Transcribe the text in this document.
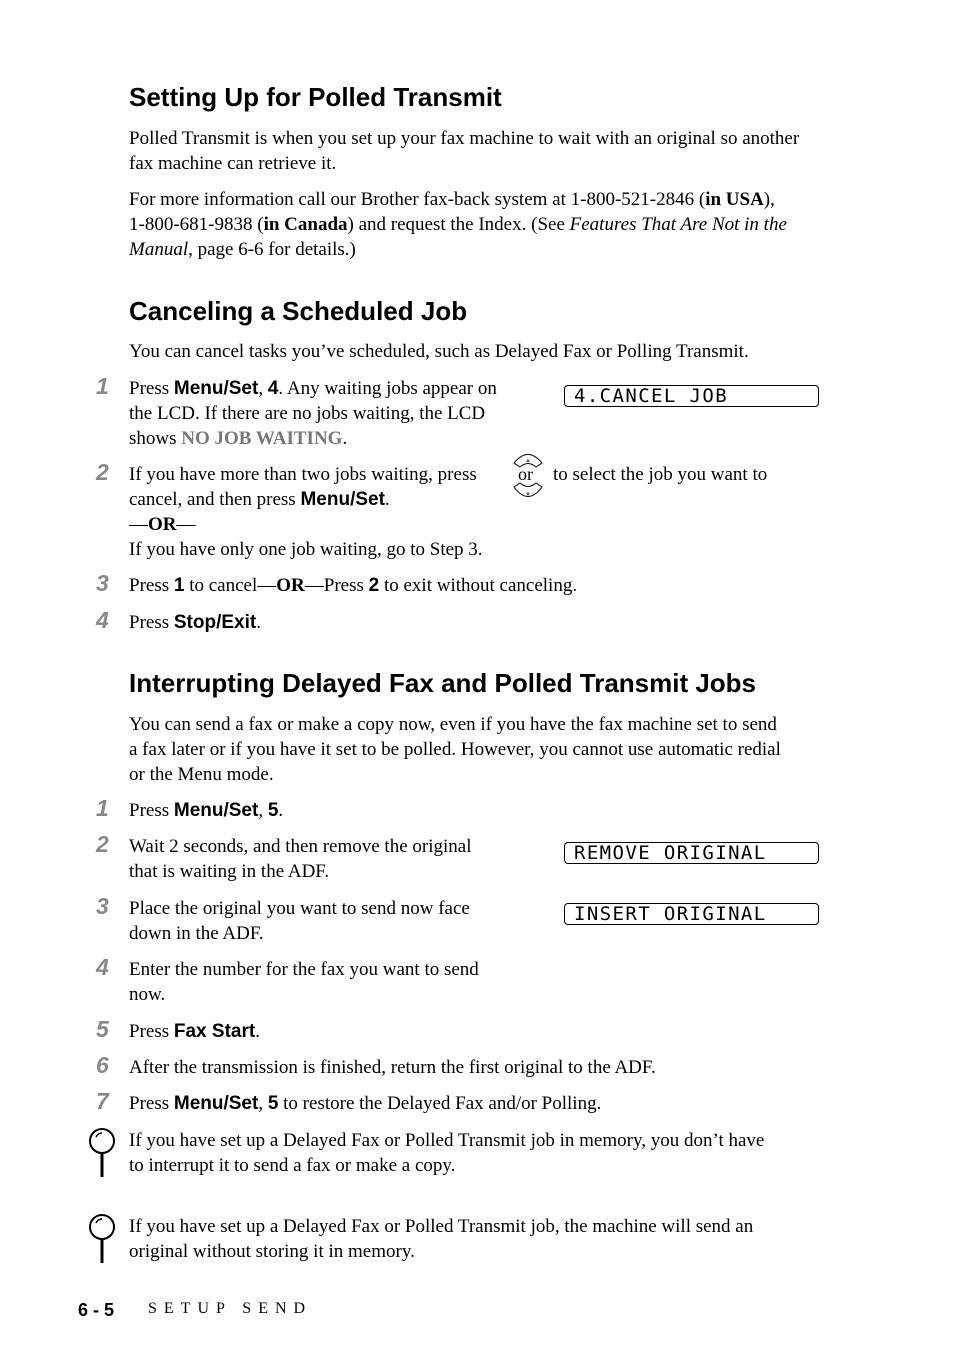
Setting Up for Polled Transmit

Polled Transmit is when you set up your fax machine to wait with an original so another fax machine can retrieve it.

For more information call our Brother fax-back system at 1-800-521-2846 (in USA),

1-800-681-9838 (in Canada) and request the Index. (See Features That Are Not in the

Manual, page 6-6 for details.)

Canceling a Scheduled Job
You can cancel tasks you’ve scheduled, such as Delayed Fax or Polling Transmit.
1 Press Menu/Set, 4. Any waiting jobs appear on

the LCD. If there are no jobs waiting, the LCD

shows NO JOB WAITING.

4.CANCEL JOB
2 If you have more than two jobs waiting, press
▲
▼
or to select the job you want to

cancel, and then press Menu/Set.

—OR—

If you have only one job waiting, go to Step 3.

3 Press 1 to cancel—OR—Press 2 to exit without canceling.
4 Press Stop/Exit.
Interrupting Delayed Fax and Polled Transmit Jobs

You can send a fax or make a copy now, even if you have the fax machine set to send

a fax later or if you have it set to be polled. However, you cannot use automatic redial

or the Menu mode.

1 Press Menu/Set, 5.
2 Wait 2 seconds, and then remove the original

that is waiting in the ADF.

REMOVE ORIGINAL
3 Place the original you want to send now face

down in the ADF.

INSERT ORIGINAL
4 Enter the number for the fax you want to send

now.

5 Press Fax Start.
6 After the transmission is finished, return the first original to the ADF.
7 Press Menu/Set, 5 to restore the Delayed Fax and/or Polling.

If you have set up a Delayed Fax or Polled Transmit job in memory, you don’t have

to interrupt it to send a fax or make a copy.

If you have set up a Delayed Fax or Polled Transmit job, the machine will send an

original without storing it in memory.

6 - 5 SETUP SEND
